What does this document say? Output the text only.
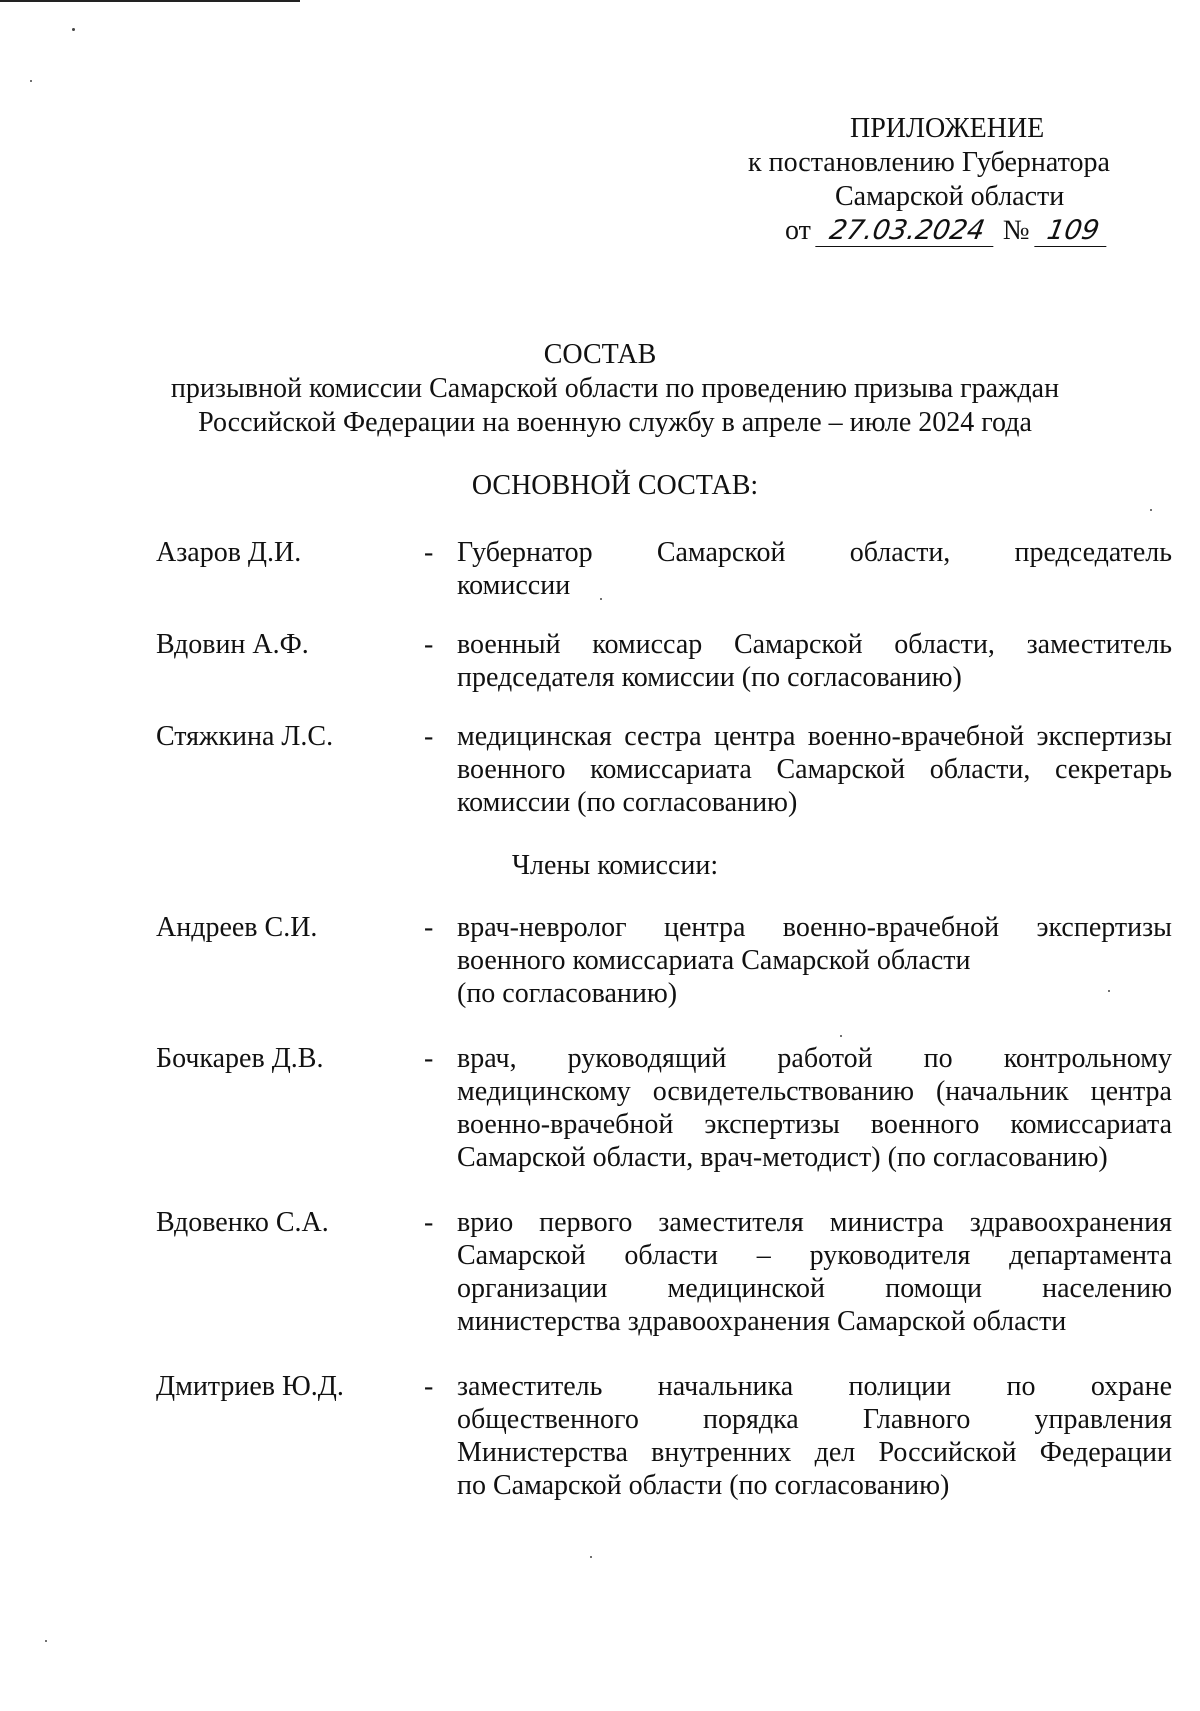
ПРИЛОЖЕНИЕ
к постановлению Губернатора
Самарской области
от 27.03.2024 № 109
СОСТАВ
призывной комиссии Самарской области по проведению призыва граждан
Российской Федерации на военную службу в апреле – июле 2024 года
ОСНОВНОЙ СОСТАВ:
Азаров Д.И.	- Губернатор Самарской области, председатель
комиссии
Вдовин А.Ф.	- военный комиссар Самарской области, заместитель
председателя комиссии (по согласованию)
Стяжкина Л.С.	- медицинская сестра центра военно-врачебной экспертизы
военного комиссариата Самарской области, секретарь
комиссии (по согласованию)
Члены комиссии:
Андреев С.И.	- врач-невролог центра военно-врачебной экспертизы
военного комиссариата Самарской области
(по согласованию)
Бочкарев Д.В.	- врач, руководящий работой по контрольному
медицинскому освидетельствованию (начальник центра
военно-врачебной экспертизы военного комиссариата
Самарской области, врач-методист) (по согласованию)
Вдовенко С.А.	- врио первого заместителя министра здравоохранения
Самарской области – руководителя департамента
организации медицинской помощи населению
министерства здравоохранения Самарской области
Дмитриев Ю.Д.	- заместитель начальника полиции по охране
общественного порядка Главного управления
Министерства внутренних дел Российской Федерации
по Самарской области (по согласованию)
